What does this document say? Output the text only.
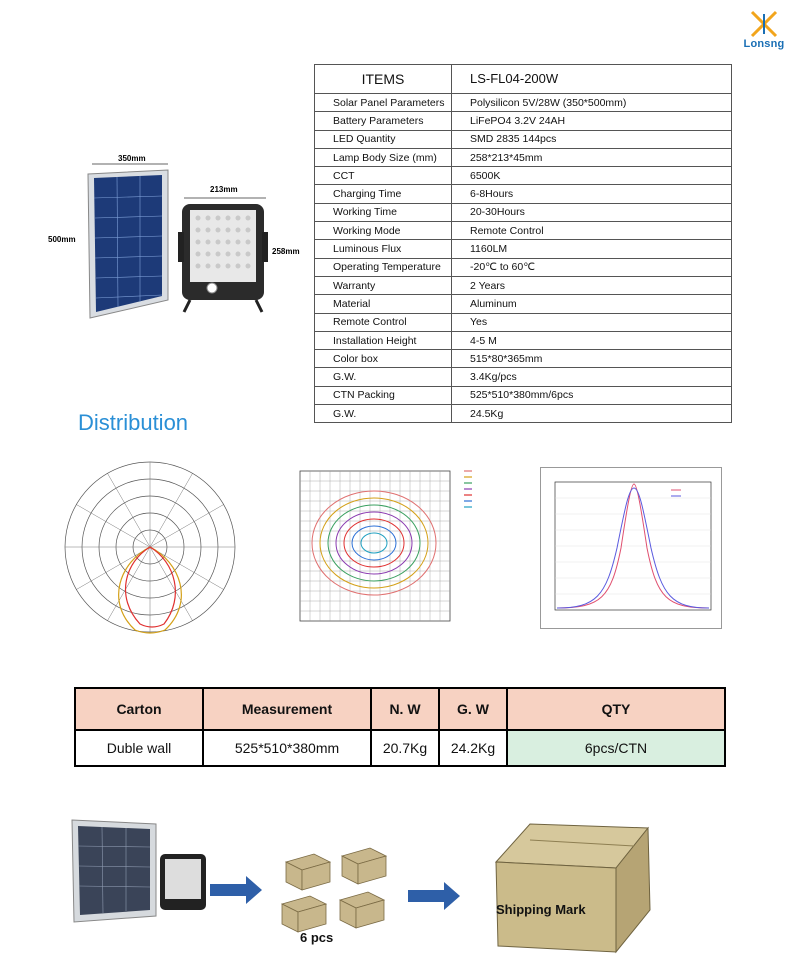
Lonsng
350mm
500mm
213mm
258mm
ITEMS	LS-FL04-200W
Solar Panel Parameters	Polysilicon 5V/28W (350*500mm)
Battery Parameters	LiFePO4 3.2V 24AH
LED Quantity	SMD 2835 144pcs
Lamp Body Size (mm)	258*213*45mm
CCT	6500K
Charging Time	6-8Hours
Working Time	20-30Hours
Working Mode	Remote Control
Luminous Flux	1160LM
Operating Temperature	-20℃ to 60℃
Warranty	2 Years
Material	Aluminum
Remote Control	Yes
Installation Height	4-5 M
Color box	515*80*365mm
G.W.	3.4Kg/pcs
CTN Packing	525*510*380mm/6pcs
G.W.	24.5Kg
Distribution
Carton	Measurement	N. W	G. W	QTY
Duble wall	525*510*380mm	20.7Kg	24.2Kg	6pcs/CTN
6 pcs
Shipping Mark
